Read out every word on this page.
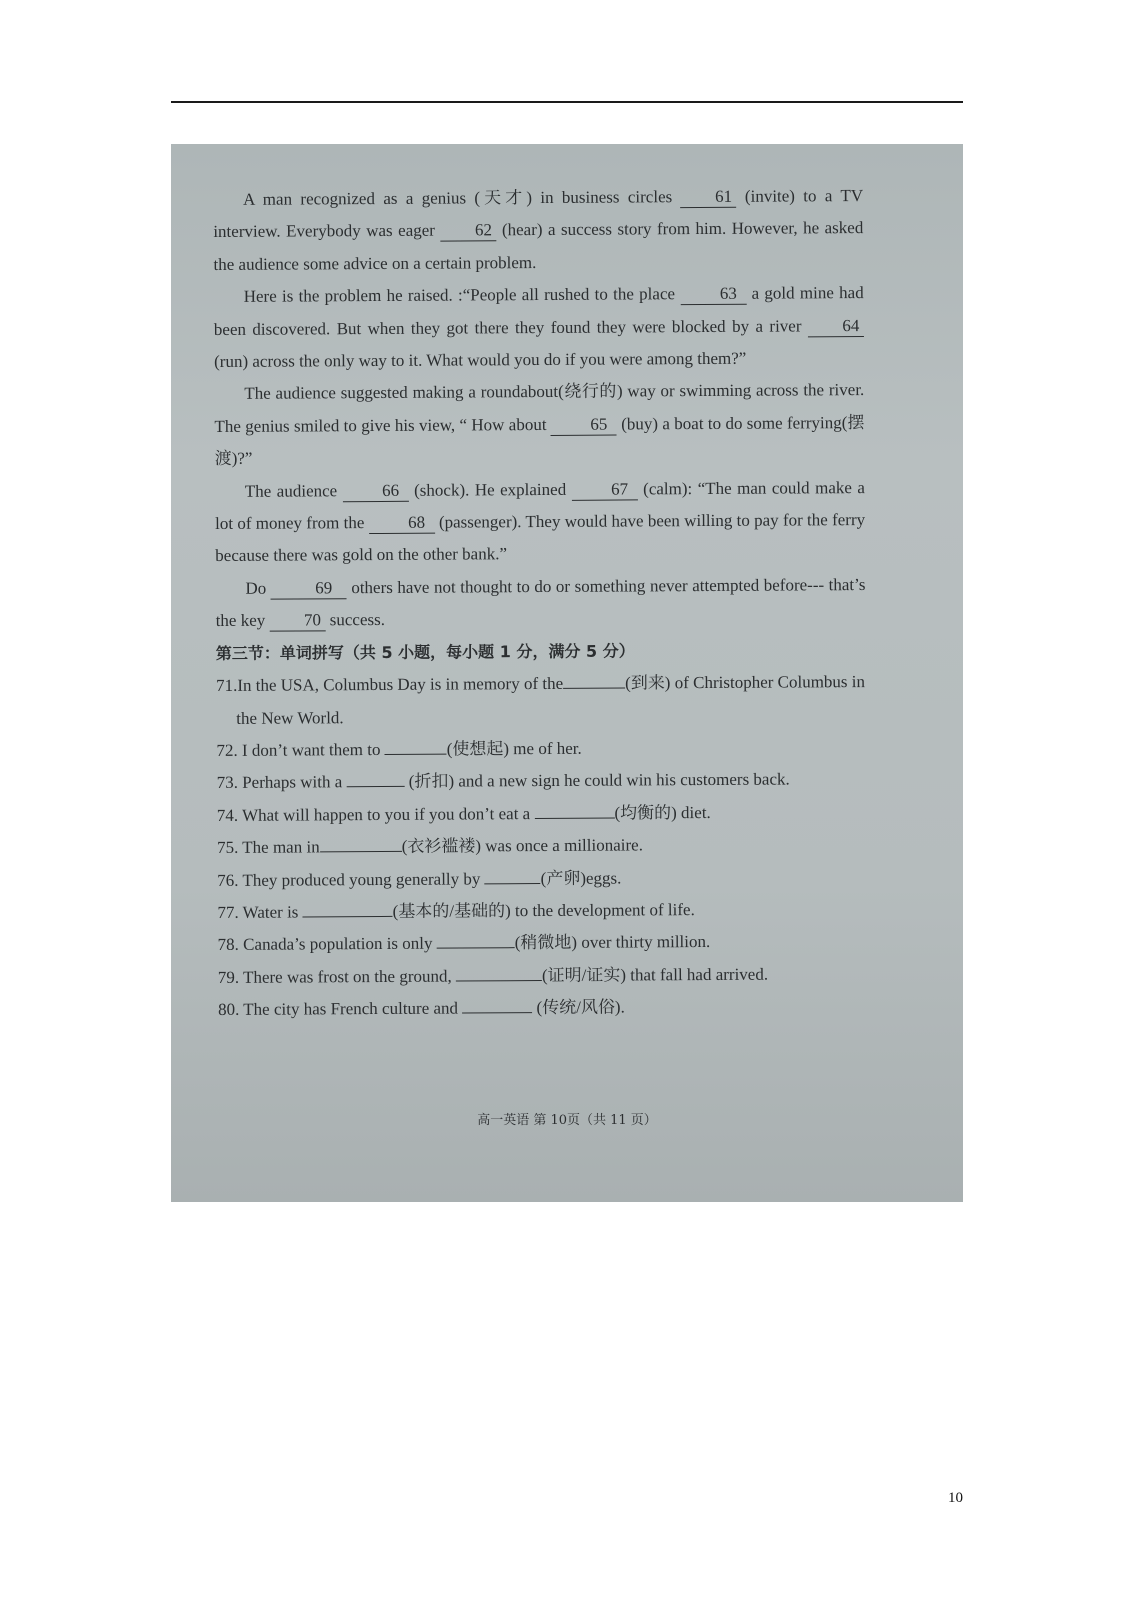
A man recognized as a genius (天才) in business circles	61 (invite) to a TV interview. Everybody was eager 62 (hear) a success story from him. However, he asked the audience some advice on a certain problem.

Here is the problem he raised. :“People all rushed to the place	63 a gold mine had been discovered. But when they got there they found they were blocked by a river 64 (run) across the only way to it. What would you do if you were among them?”

The audience suggested making a roundabout(绕行的) way or swimming across the river. The genius smiled to give his view, “ How about	65 (buy) a boat to do some ferrying(摆渡)?”

The audience	66 (shock). He explained	67 (calm): “The man could make a lot of money from the	68 (passenger). They would have been willing to pay for the ferry because there was gold on the other bank.”

Do	69 others have not thought to do or something never attempted before--- that’s the key 70 success.

第三节：单词拼写（共 5 小题，每小题 1 分，满分 5 分）

71.In the USA, Columbus Day is in memory of the	(到来) of Christopher Columbus in the New World.
72. I don’t want them to	(使想起) me of her.
73. Perhaps with a	(折扣) and a new sign he could win his customers back.
74. What will happen to you if you don’t eat a	(均衡的) diet.
75. The man in	(衣衫褴褛) was once a millionaire.
76. They produced young generally by	(产卵)eggs.
77. Water is	(基本的/基础的) to the development of life.
78. Canada’s population is only	(稍微地) over thirty million.
79. There was frost on the ground,	(证明/证实) that fall had arrived.
80. The city has French culture and	(传统/风俗).
高一英语 第 10页（共 11 页）
10
